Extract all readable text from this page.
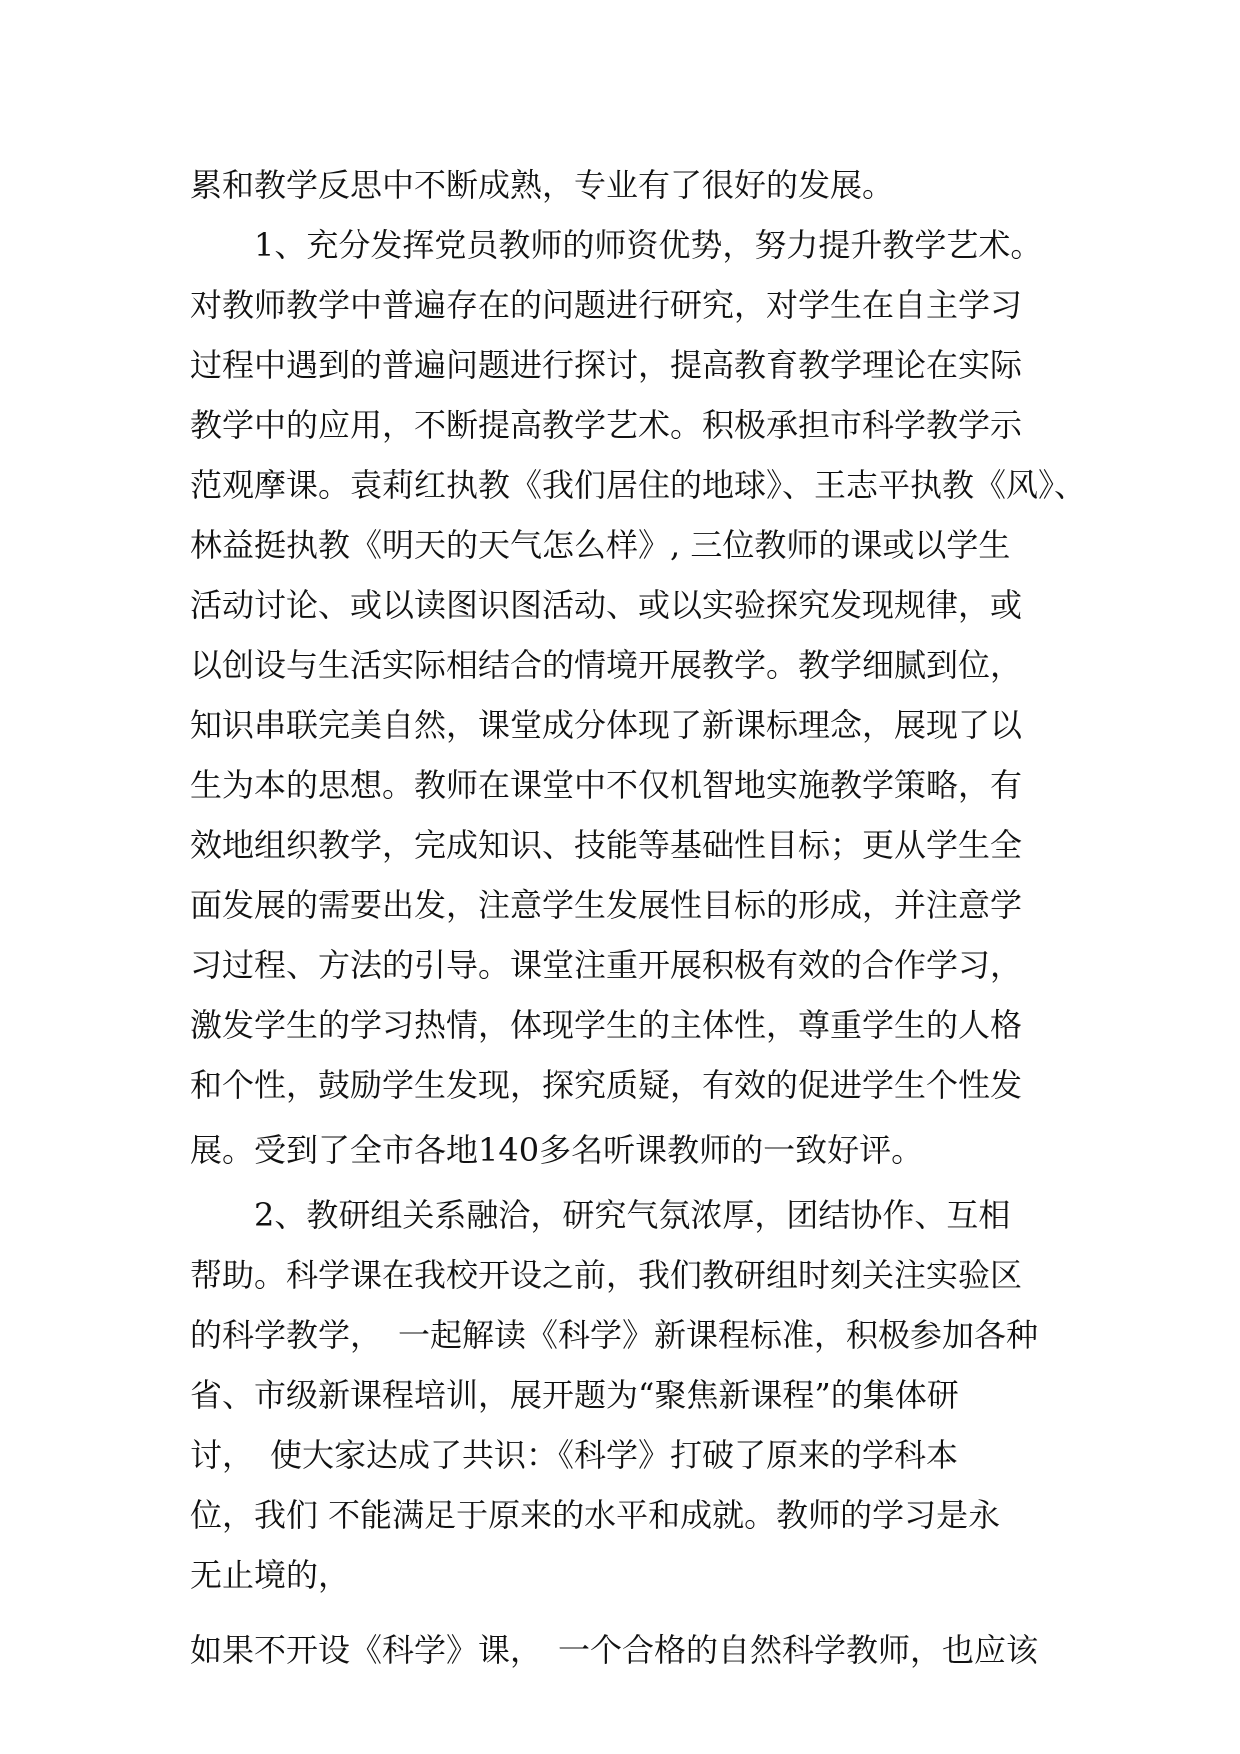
累和教学反思中不断成熟，专业有了很好的发展。
1、充分发挥党员教师的师资优势，努力提升教学艺术。
对教师教学中普遍存在的问题进行研究，对学生在自主学习
过程中遇到的普遍问题进行探讨，提高教育教学理论在实际
教学中的应用，不断提高教学艺术。积极承担市科学教学示
范观摩课。袁莉红执教《我们居住的地球》、王志平执教《风》、
林益挺执教《明天的天气怎么样》, 三位教师的课或以学生
活动讨论、或以读图识图活动、或以实验探究发现规律，或
以创设与生活实际相结合的情境开展教学。教学细腻到位，
知识串联完美自然，课堂成分体现了新课标理念，展现了以
生为本的思想。教师在课堂中不仅机智地实施教学策略，有
效地组织教学，完成知识、技能等基础性目标；更从学生全
面发展的需要出发，注意学生发展性目标的形成，并注意学
习过程、方法的引导。课堂注重开展积极有效的合作学习，
激发学生的学习热情，体现学生的主体性，尊重学生的人格
和个性，鼓励学生发现，探究质疑，有效的促进学生个性发
展。受到了全市各地140多名听课教师的一致好评。
2、教研组关系融洽，研究气氛浓厚，团结协作、互相
帮助。科学课在我校开设之前，我们教研组时刻关注实验区
的科学教学，　一起解读《科学》新课程标准，积极参加各种
省、市级新课程培训，展开题为“聚焦新课程”的集体研
讨，　使大家达成了共识：《科学》打破了原来的学科本
位，我们 不能满足于原来的水平和成就。教师的学习是永
无止境的，
如果不开设《科学》课，　一个合格的自然科学教师，也应该
